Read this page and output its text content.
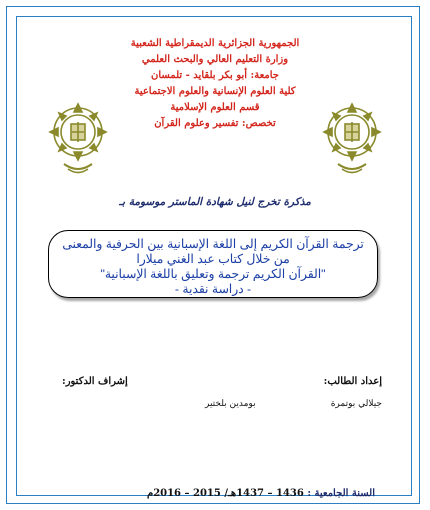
الجمهورية الجزائرية الديمقراطية الشعبية
وزارة التعليم العالي والبحث العلمي
جامعة: أبو بكر بلقايد - تلمسان
كلية العلوم الإنسانية والعلوم الاجتماعية
قسم العلوم الإسلامية
تخصص: تفسير وعلوم القرآن
مذكرة تخرج لنيل شهادة الماستر موسومة بـ
ترجمة القرآن الكريم إلى اللغة الإسبانية بين الحرفية والمعنى
من خلال كتاب عبد الغني ميلارا
"القرآن الكريم ترجمة وتعليق باللغة الإسبانية"
- دراسة نقدية -
إعداد الطالب:
إشراف الدكتور:
جيلالي بوتمرة
بومدين بلختير
السنة الجامعية : 1436 – 1437هـ/ 2015 – 2016م
